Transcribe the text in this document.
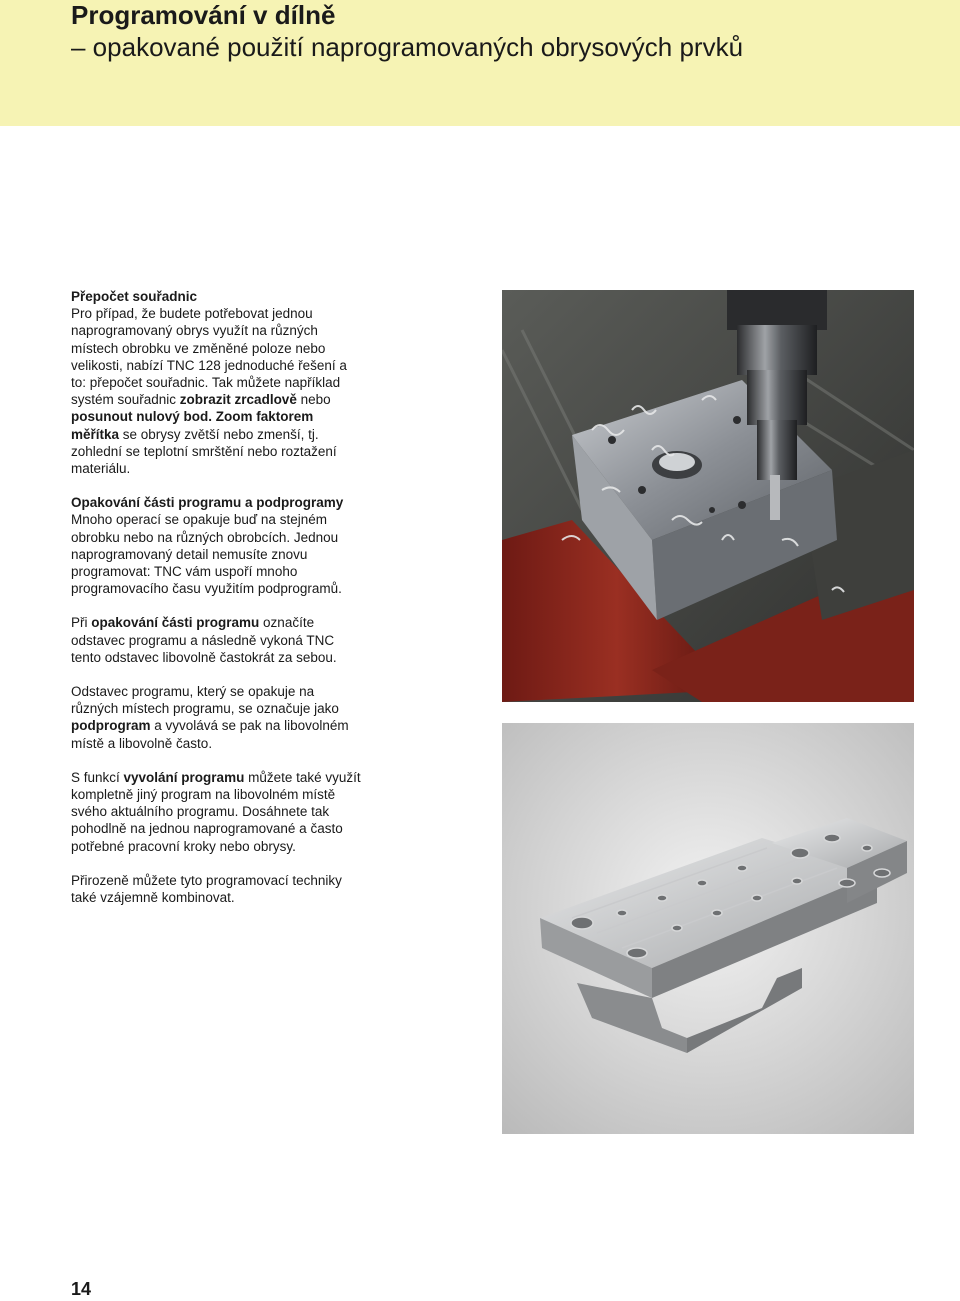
Programování v dílně
– opakované použití naprogramovaných obrysových prvků

Přepočet souřadnic
Pro případ, že budete potřebovat jednou naprogramovaný obrys využít na různých místech obrobku ve změněné poloze nebo velikosti, nabízí TNC 128 jednoduché řešení a to: přepočet souřadnic. Tak můžete například systém souřadnic zobrazit zrcadlově nebo posunout nulový bod. Zoom faktorem měřítka se obrysy zvětší nebo zmenší, tj. zohlední se teplotní smrštění nebo roztažení materiálu.

Opakování části programu a podprogramy
Mnoho operací se opakuje buď na stejném obrobku nebo na různých obrobcích. Jednou naprogramovaný detail nemusíte znovu programovat: TNC vám uspoří mnoho programovacího času využitím podprogramů.

Při opakování části programu označíte odstavec programu a následně vykoná TNC tento odstavec libovolně častokrát za sebou.

Odstavec programu, který se opakuje na různých místech programu, se označuje jako podprogram a vyvolává se pak na libovolném místě a libovolně často.

S funkcí vyvolání programu můžete také využít kompletně jiný program na libovolném místě svého aktuálního programu. Dosáhnete tak pohodlně na jednou naprogramované a často potřebné pracovní kroky nebo obrysy.

Přirozeně můžete tyto programovací techniky také vzájemně kombinovat.

14
